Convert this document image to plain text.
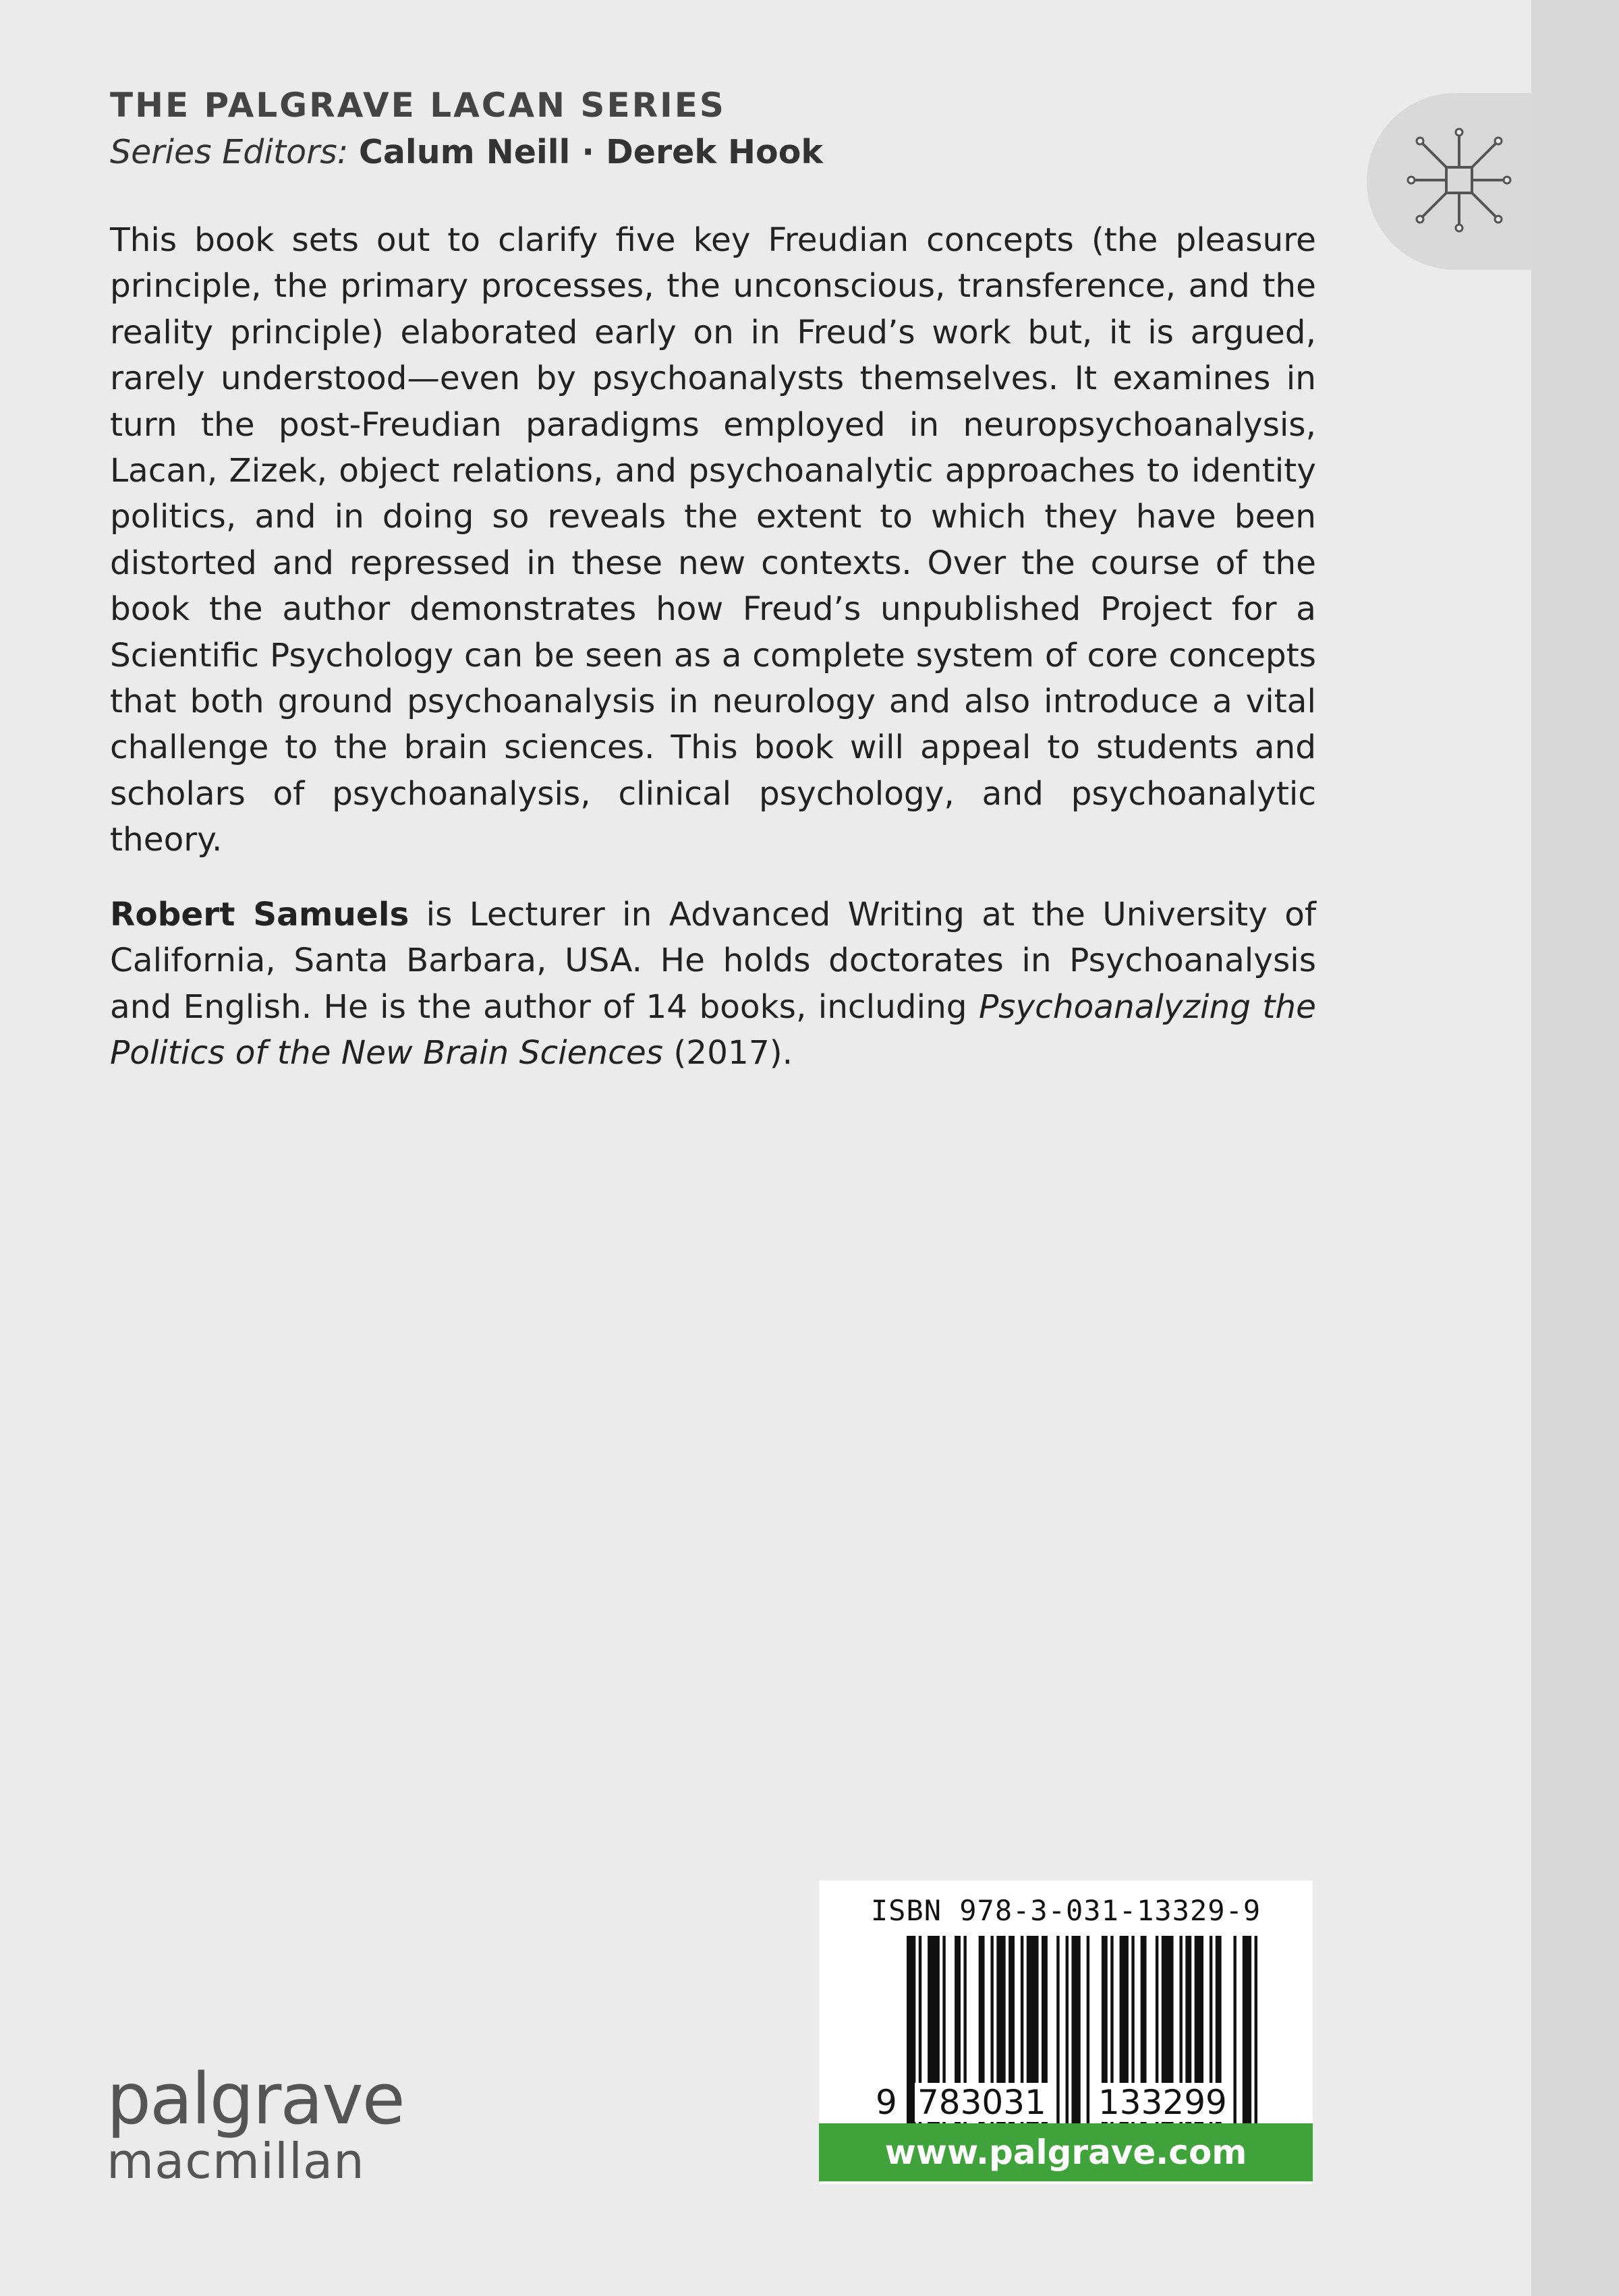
THE PALGRAVE LACAN SERIES

Series Editors: Calum Neill · Derek Hook

This book sets out to clarify five key Freudian concepts (the pleasure principle, the primary processes, the unconscious, transference, and the reality principle) elaborated early on in Freud’s work but, it is argued, rarely understood—even by psychoanalysts themselves. It examines in turn the post-Freudian paradigms employed in neuropsychoanalysis, Lacan, Zizek, object relations, and psychoanalytic approaches to identity politics, and in doing so reveals the extent to which they have been distorted and repressed in these new contexts. Over the course of the book the author demonstrates how Freud’s unpublished Project for a Scientific Psychology can be seen as a complete system of core concepts that both ground psychoanalysis in neurology and also introduce a vital challenge to the brain sciences. This book will appeal to students and scholars of psychoanalysis, clinical psychology, and psychoanalytic theory.

Robert Samuels is Lecturer in Advanced Writing at the University of California, Santa Barbara, USA. He holds doctorates in Psychoanalysis and English. He is the author of 14 books, including Psychoanalyzing the Politics of the New Brain Sciences (2017).

palgrave
macmillan
ISBN 978-3-031-13329-9
9 783031 133299
www.palgrave.com
